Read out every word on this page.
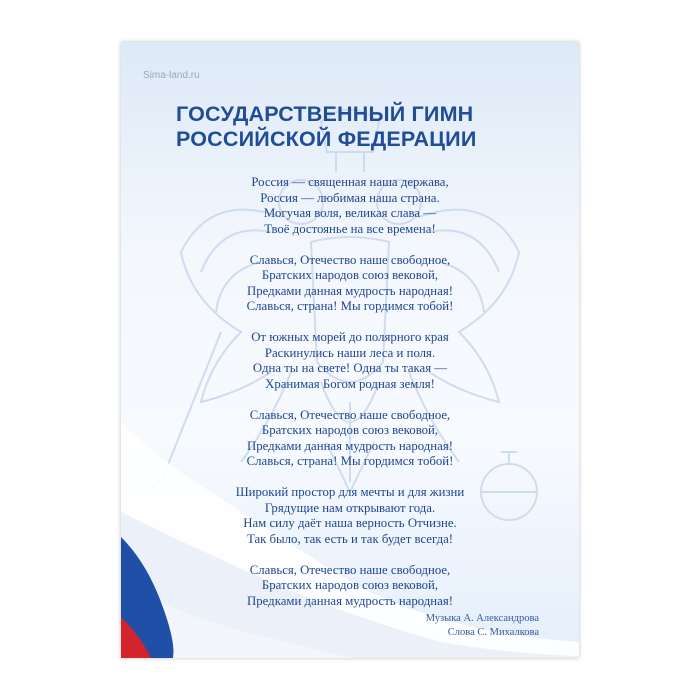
ГОСУДАРСТВЕННЫЙ ГИМН
РОССИЙСКОЙ ФЕДЕРАЦИИ
Россия — священная наша держава,
Россия — любимая наша страна.
Могучая воля, великая слава —
Твоё достоянье на все времена!
Славься, Отечество наше свободное,
Братских народов союз вековой,
Предками данная мудрость народная!
Славься, страна! Мы гордимся тобой!
От южных морей до полярного края
Раскинулись наши леса и поля.
Одна ты на свете! Одна ты такая —
Хранимая Богом родная земля!
Славься, Отечество наше свободное,
Братских народов союз вековой,
Предками данная мудрость народная!
Славься, страна! Мы гордимся тобой!
Широкий простор для мечты и для жизни
Грядущие нам открывают года.
Нам силу даёт наша верность Отчизне.
Так было, так есть и так будет всегда!
Славься, Отечество наше свободное,
Братских народов союз вековой,
Предками данная мудрость народная!
Музыка А. Александрова
Слова С. Михалкова
Sima-land.ru
